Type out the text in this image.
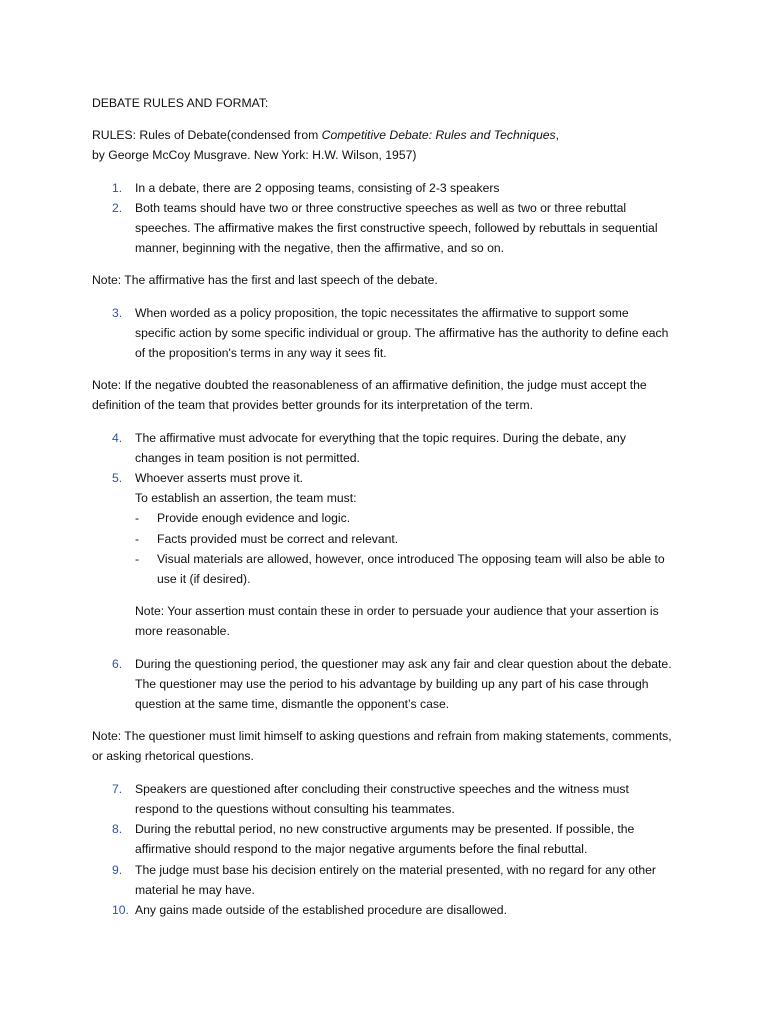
DEBATE RULES AND FORMAT:
RULES: Rules of Debate(condensed from Competitive Debate: Rules and Techniques,
by George McCoy Musgrave. New York: H.W. Wilson, 1957)
1.	In a debate, there are 2 opposing teams, consisting of 2-3 speakers
2.	Both teams should have two or three constructive speeches as well as two or three rebuttal speeches. The affirmative makes the first constructive speech, followed by rebuttals in sequential manner, beginning with the negative, then the affirmative, and so on.
Note: The affirmative has the first and last speech of the debate.
3.	When worded as a policy proposition, the topic necessitates the affirmative to support some specific action by some specific individual or group. The affirmative has the authority to define each of the proposition's terms in any way it sees fit.
Note: If the negative doubted the reasonableness of an affirmative definition, the judge must accept the definition of the team that provides better grounds for its interpretation of the term.
4.	The affirmative must advocate for everything that the topic requires. During the debate, any changes in team position is not permitted.
5.	Whoever asserts must prove it.
To establish an assertion, the team must:
-	Provide enough evidence and logic.
-	Facts provided must be correct and relevant.
-	Visual materials are allowed, however, once introduced The opposing team will also be able to use it (if desired).
Note: Your assertion must contain these in order to persuade your audience that your assertion is more reasonable.
6.	During the questioning period, the questioner may ask any fair and clear question about the debate. The questioner may use the period to his advantage by building up any part of his case through question at the same time, dismantle the opponent’s case.
Note: The questioner must limit himself to asking questions and refrain from making statements, comments, or asking rhetorical questions.
7.	Speakers are questioned after concluding their constructive speeches and the witness must respond to the questions without consulting his teammates.
8.	During the rebuttal period, no new constructive arguments may be presented. If possible, the affirmative should respond to the major negative arguments before the final rebuttal.
9.	The judge must base his decision entirely on the material presented, with no regard for any other material he may have.
10. Any gains made outside of the established procedure are disallowed.
